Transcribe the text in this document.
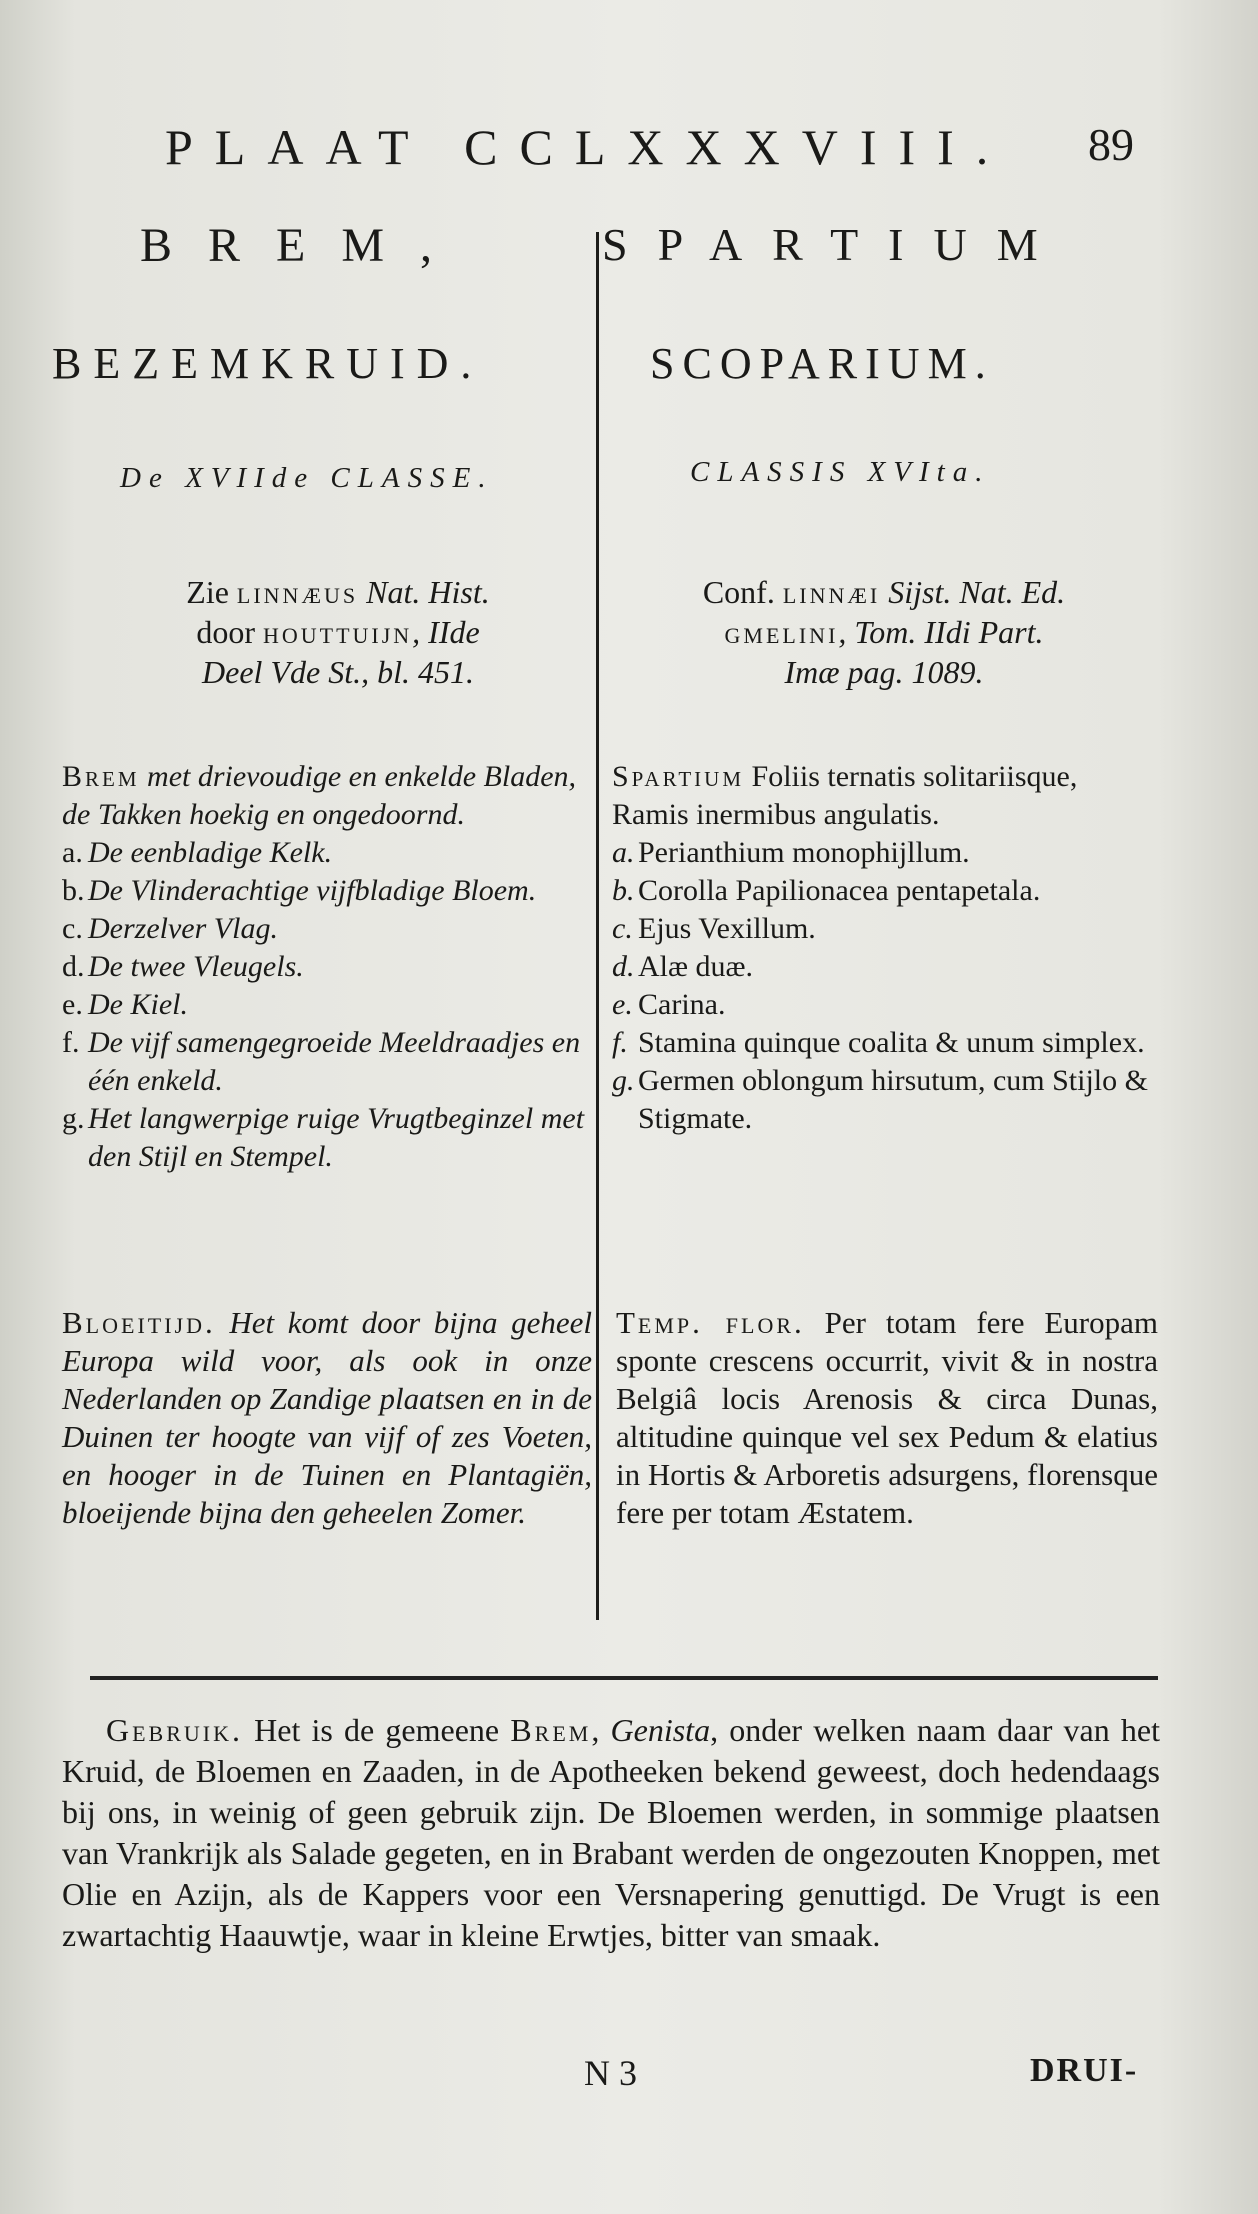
PLAAT CCLXXXVIII. 89
BREM,	SPARTIUM
BEZEMKRUID.	SCOPARIUM.
De XVIIde CLASSE.	CLASSIS XVIta.
Zie linnæus Nat. Hist.
door houttuijn, IIde
Deel Vde St., bl. 451.
Conf. linnæi Sijst. Nat. Ed.
gmelini, Tom. IIdi Part.
Imæ pag. 1089.
Brem met drievoudige en enkelde Bladen, de Takken hoekig en ongedoornd.
a. De eenbladige Kelk.
b. De Vlinderachtige vijfbladige Bloem.
c. Derzelver Vlag.
d. De twee Vleugels.
e. De Kiel.
f. De vijf samengegroeide Meeldraadjes en één enkeld.
g. Het langwerpige ruige Vrugtbeginzel met den Stijl en Stempel.
Spartium Foliis ternatis solitariisque, Ramis inermibus angulatis.
a. Perianthium monophijllum.
b. Corolla Papilionacea pentapetala.
c. Ejus Vexillum.
d. Alæ duæ.
e. Carina.
f. Stamina quinque coalita & unum simplex.
g. Germen oblongum hirsutum, cum Stijlo & Stigmate.
Bloeitijd. Het komt door bijna geheel Europa wild voor, als ook in onze Nederlanden op Zandige plaatsen en in de Duinen ter hoogte van vijf of zes Voeten, en hooger in de Tuinen en Plantagiën, bloeijende bijna den geheelen Zomer.
Temp. flor. Per totam fere Europam sponte crescens occurrit, vivit & in nostra Belgiâ locis Arenosis & circa Dunas, altitudine quinque vel sex Pedum & elatius in Hortis & Arboretis adsurgens, florensque fere per totam Æstatem.
Gebruik. Het is de gemeene Brem, Genista, onder welken naam daar van het Kruid, de Bloemen en Zaaden, in de Apotheeken bekend geweest, doch hedendaags bij ons, in weinig of geen gebruik zijn. De Bloemen werden, in sommige plaatsen van Vrankrijk als Salade gegeten, en in Brabant werden de ongezouten Knoppen, met Olie en Azijn, als de Kappers voor een Versnapering genuttigd. De Vrugt is een zwartachtig Haauwtje, waar in kleine Erwtjes, bitter van smaak.
N 3	DRUI-
